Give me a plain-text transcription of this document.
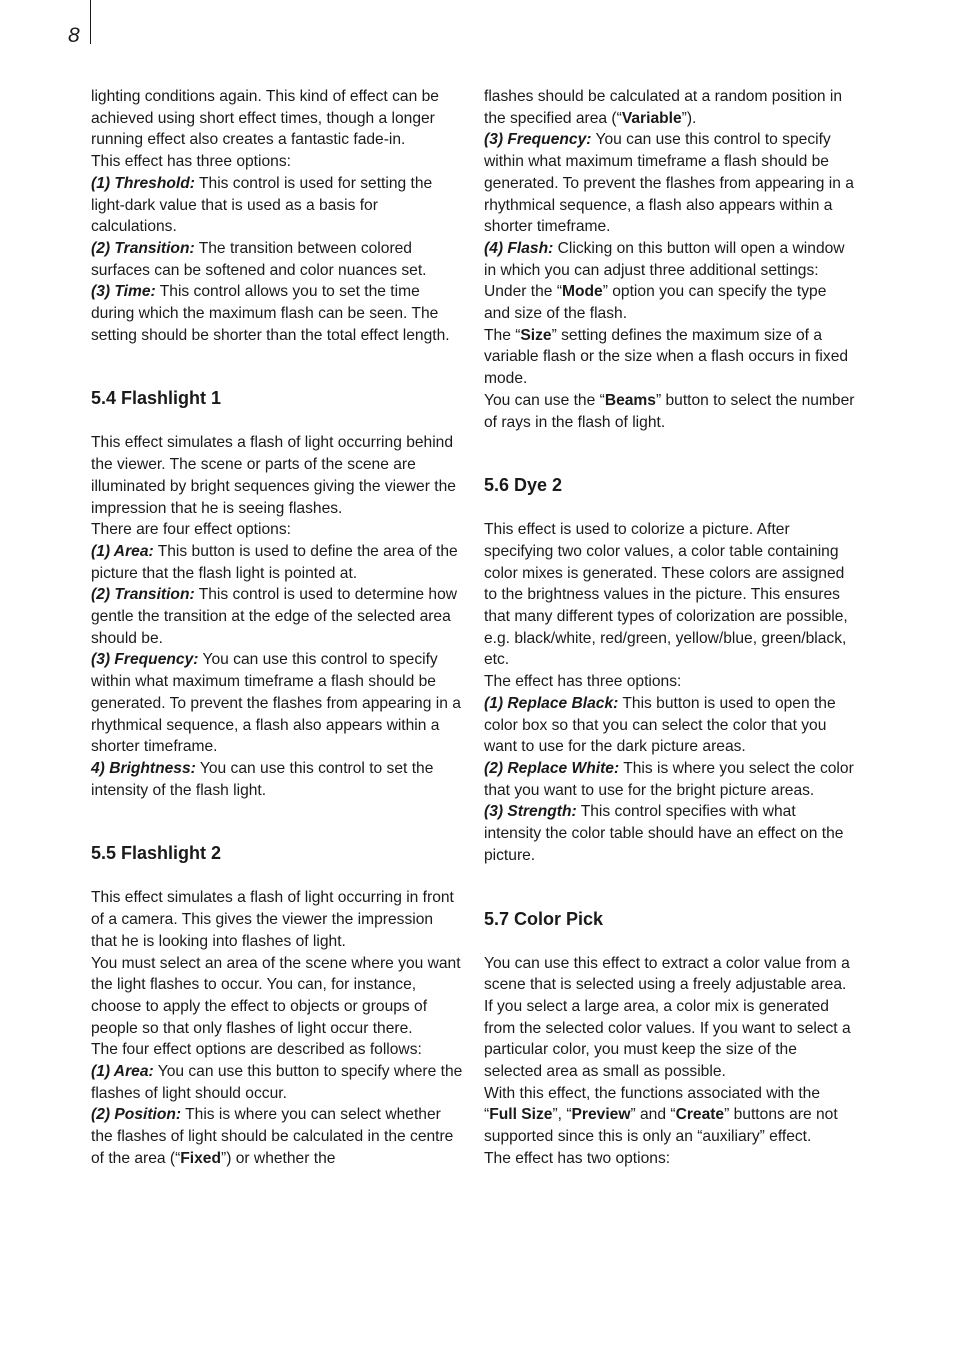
8

lighting conditions again. This kind of effect can be achieved using short effect times, though a longer running effect also creates a fantastic fade-in.

This effect has three options:

(1) Threshold: This control is used for setting the light-dark value that is used as a basis for calculations.

(2) Transition: The transition between colored surfaces can be softened and color nuances set.

(3) Time: This control allows you to set the time during which the maximum flash can be seen. The setting should be shorter than the total effect length.

5.4 Flashlight 1

This effect simulates a flash of light occurring behind the viewer. The scene or parts of the scene are illuminated by bright sequences giving the viewer the impression that he is seeing flashes.

There are four effect options:

(1) Area: This button is used to define the area of the picture that the flash light is pointed at.

(2) Transition: This control is used to determine how gentle the transition at the edge of the selected area should be.

(3) Frequency: You can use this control to specify within what maximum timeframe a flash should be generated. To prevent the flashes from appearing in a rhythmical sequence, a flash also appears within a shorter timeframe.

4) Brightness: You can use this control to set the intensity of the flash light.

5.5 Flashlight 2

This effect simulates a flash of light occurring in front of a camera. This gives the viewer the impression that he is looking into flashes of light.

You must select an area of the scene where you want the light flashes to occur. You can, for instance, choose to apply the effect to objects or groups of people so that only flashes of light occur there.

The four effect options are described as follows:

(1) Area: You can use this button to specify where the flashes of light should occur.

(2) Position: This is where you can select whether the flashes of light should be calculated in the centre of the area (“Fixed”) or whether the

flashes should be calculated at a random position in the specified area (“Variable”).

(3) Frequency: You can use this control to specify within what maximum timeframe a flash should be generated. To prevent the flashes from appearing in a rhythmical sequence, a flash also appears within a shorter timeframe.

(4) Flash: Clicking on this button will open a window in which you can adjust three additional settings:

Under the “Mode” option you can specify the type and size of the flash.

The “Size” setting defines the maximum size of a variable flash or the size when a flash occurs in fixed mode.

You can use the “Beams” button to select the number of rays in the flash of light.

5.6 Dye 2

This effect is used to colorize a picture. After specifying two color values, a color table containing color mixes is generated. These colors are assigned to the brightness values in the picture. This ensures that many different types of colorization are possible, e.g. black/white, red/green, yellow/blue, green/black, etc.

The effect has three options:

(1) Replace Black: This button is used to open the color box so that you can select the color that you want to use for the dark picture areas.

(2) Replace White: This is where you select the color that you want to use for the bright picture areas.

(3) Strength: This control specifies with what intensity the color table should have an effect on the picture.

5.7 Color Pick

You can use this effect to extract a color value from a scene that is selected using a freely adjustable area. If you select a large area, a color mix is generated from the selected color values. If you want to select a particular color, you must keep the size of the selected area as small as possible.

With this effect, the functions associated with the “Full Size”, “Preview” and “Create” buttons are not supported since this is only an “auxiliary” effect.

The effect has two options:
